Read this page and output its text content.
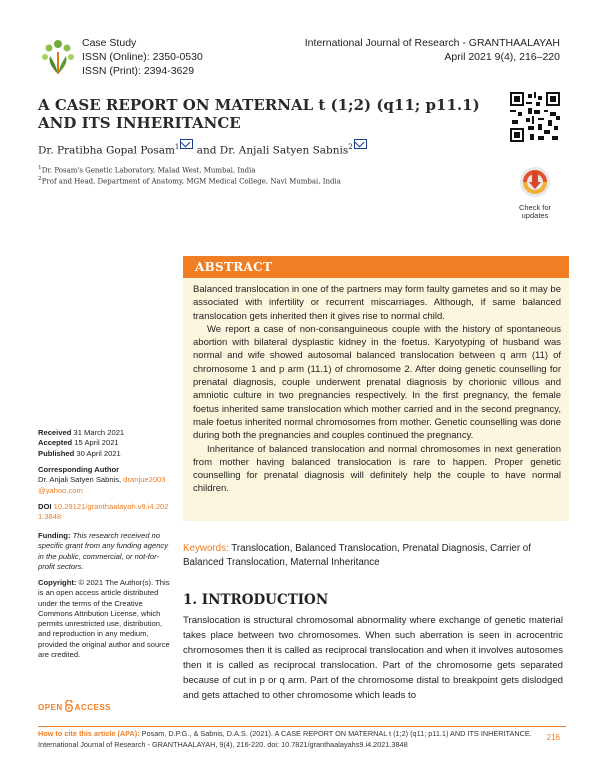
Case Study
ISSN (Online): 2350-0530
ISSN (Print): 2394-3629
International Journal of Research - GRANTHAALAYAH
April 2021 9(4), 216–220
A CASE REPORT ON MATERNAL t (1;2) (q11; p11.1) AND ITS INHERITANCE
Dr. Pratibha Gopal Posam$^1$ and Dr. Anjali Satyen Sabnis$^2$
$^1$Dr. Posam's Genetic Laboratory, Malad West, Mumbai, India
$^2$Prof and Head, Department of Anatomy, MGM Medical College, Navi Mumbai, India
Check for updates
ABSTRACT

Balanced translocation in one of the partners may form faulty gametes and so it may be associated with infertility or recurrent miscarriages. Although, if same balanced translocation gets inherited then it gives rise to normal child.

We report a case of non-consanguineous couple with the history of spontaneous abortion with bilateral dysplastic kidney in the foetus. Karyotyping of husband was normal and wife showed autosomal balanced translocation between q arm (11) of chromosome 1 and p arm (11.1) of chromosome 2. After doing genetic counselling for prenatal diagnosis, couple underwent prenatal diagnosis by chorionic villous and amniotic culture in two pregnancies respectively. In the first pregnancy, the female foetus inherited same translocation which mother carried and in the second pregnancy, male foetus inherited normal chromosomes from mother. Genetic counselling was done during both the pregnancies and couples continued the pregnancy.

Inheritance of balanced translocation and normal chromosomes in next generation from mother having balanced translocation is rare to happen. Proper genetic counselling for prenatal diagnosis will definitely help the couple to have normal children.

Received 31 March 2021
Accepted 15 April 2021
Published 30 April 2021
Corresponding Author
Dr. Anjali Satyen Sabnis, dranjue2003@yahoo.com
DOI 10.29121/granthaalayah.v9.i4.2021.3848
Funding: This research received no specific grant from any funding agency in the public, commercial, or not-for-profit sectors.
Copyright: © 2021 The Author(s). This is an open access article distributed under the terms of the Creative Commons Attribution License, which permits unrestricted use, distribution, and reproduction in any medium, provided the original author and source are credited.
OPEN ACCESS
Keywords: Translocation, Balanced Translocation, Prenatal Diagnosis, Carrier of Balanced Translocation, Maternal Inheritance
1. INTRODUCTION
Translocation is structural chromosomal abnormality where exchange of genetic material takes place between two chromosomes. When such aberration is seen in acrocentric chromosomes then it is called as reciprocal translocation and when it involves autosomes then it is called as reciprocal translocation. Part of the chromosome gets separated because of cut in p or q arm. Part of the chromosome distal to breakpoint gets dislodged and gets attached to other chromosome which leads to
How to cite this article (APA): Posam, D.P.G., & Sabnis, D.A.S. (2021). A CASE REPORT ON MATERNAL t (1;2) (q11; p11.1) AND ITS INHERITANCE. International Journal of Research - GRANTHAALAYAH, 9(4), 216-220. doi: 10.7821/granthaalayahs9.i4.2021.3848
216
